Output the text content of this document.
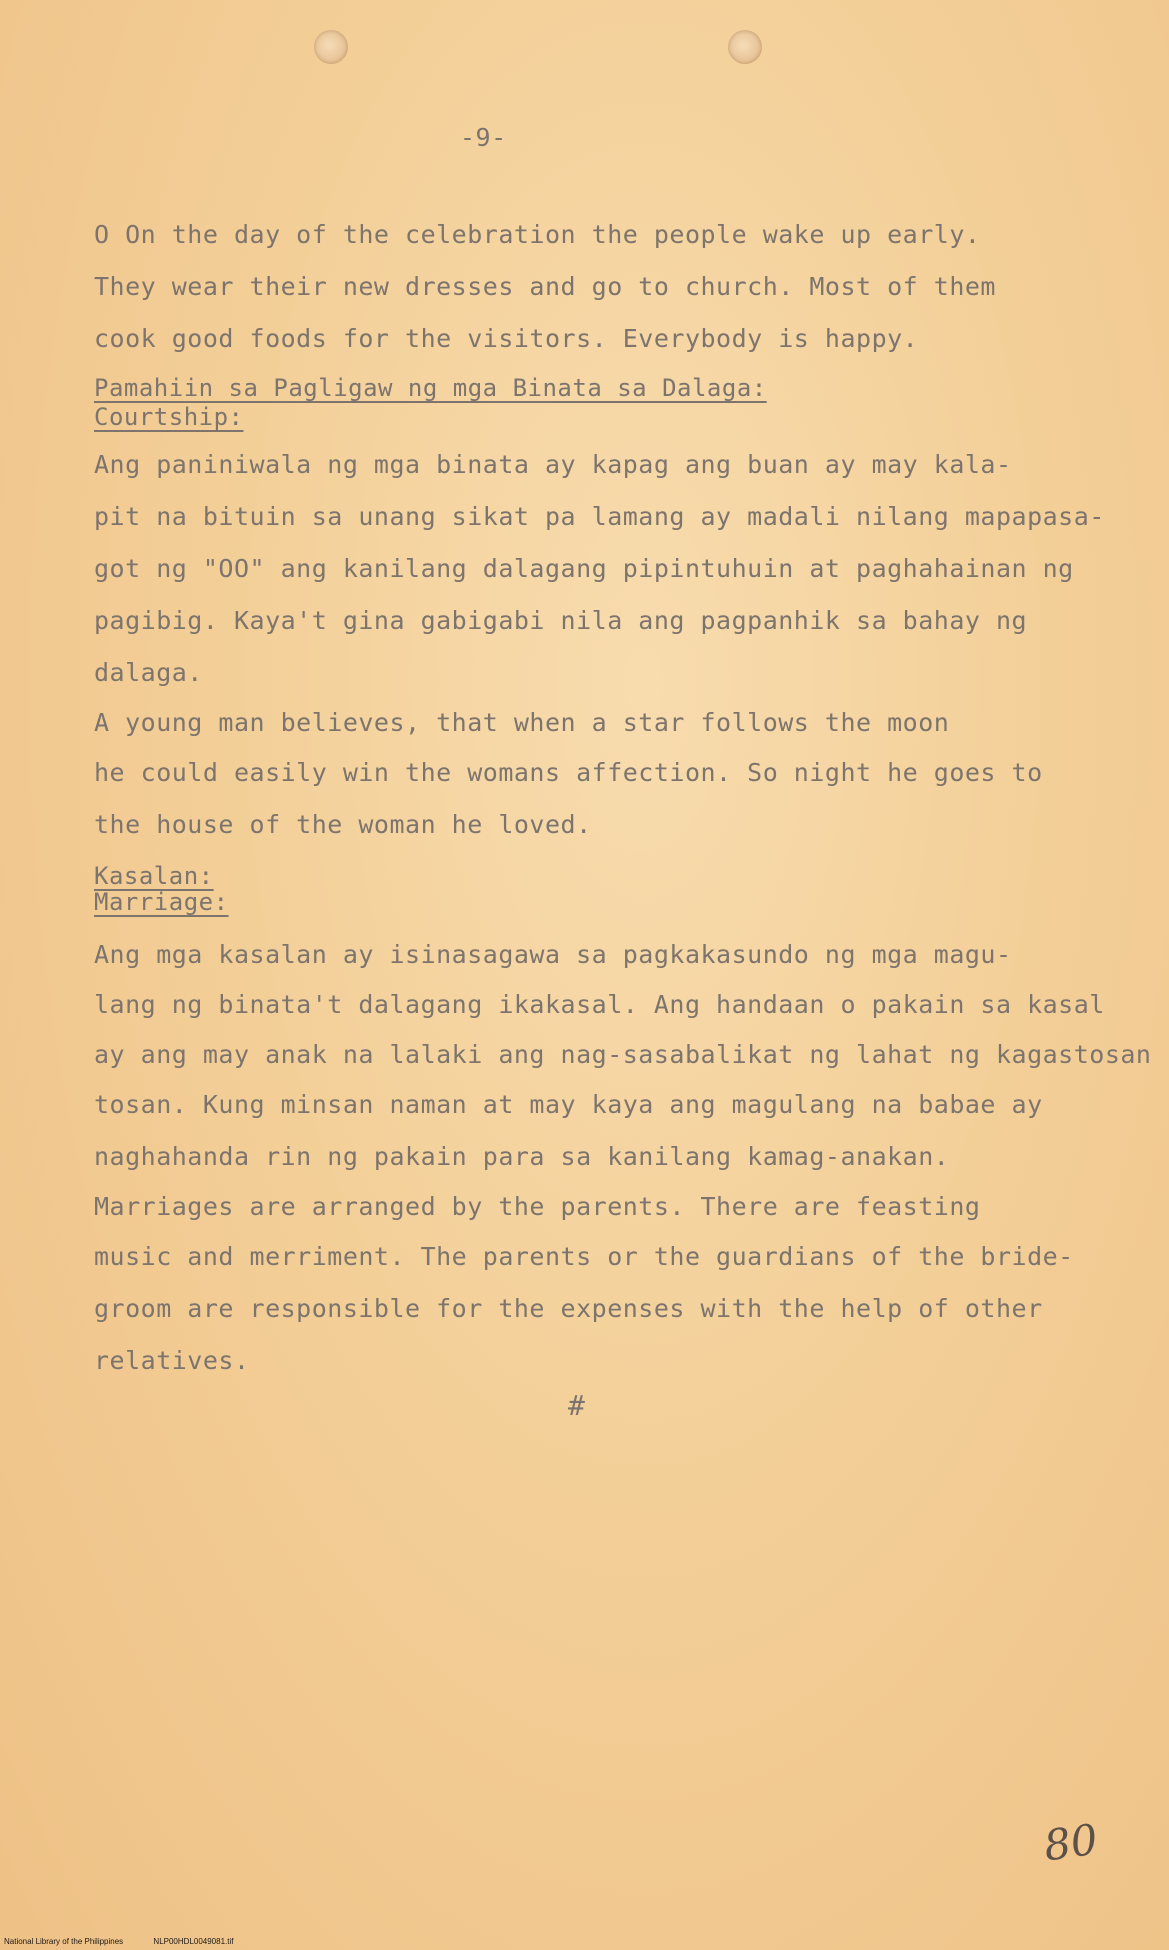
-9-
O On the day of the celebration the people wake up early.
They wear their new dresses and go to church. Most of them
cook good foods for the visitors. Everybody is happy.
Pamahiin sa Pagligaw ng mga Binata sa Dalaga:
Courtship:
Ang paniniwala ng mga binata ay kapag ang buan ay may kala-
pit na bituin sa unang sikat pa lamang ay madali nilang mapapasa-
got ng "OO" ang kanilang dalagang pipintuhuin at paghahainan ng
pagibig. Kaya't gina gabigabi nila ang pagpanhik sa bahay ng
dalaga.
A young man believes, that when a star follows the moon
he could easily win the womans affection. So night he goes to
the house of the woman he loved.
Kasalan:
Marriage:
Ang mga kasalan ay isinasagawa sa pagkakasundo ng mga magu-
lang ng binata't dalagang ikakasal. Ang handaan o pakain sa kasal
ay ang may anak na lalaki ang nag-sasabalikat ng lahat ng kagastosan
tosan. Kung minsan naman at may kaya ang magulang na babae ay
naghahanda rin ng pakain para sa kanilang kamag-anakan.
Marriages are arranged by the parents. There are feasting
music and merriment. The parents or the guardians of the bride-
groom are responsible for the expenses with the help of other
relatives.
#
80
National Library of the Philippines	NLP00HDL0049081.tif
